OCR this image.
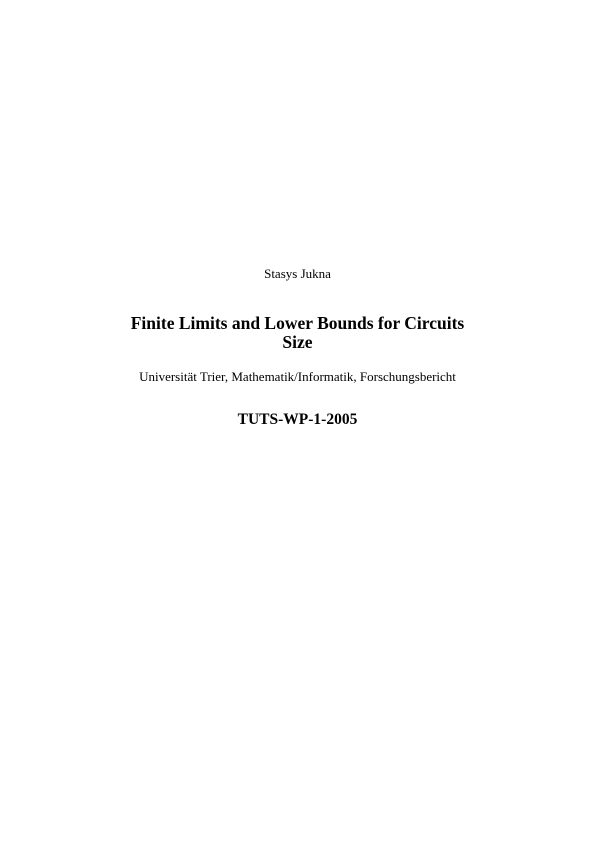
Stasys Jukna
Finite Limits and Lower Bounds for Circuits
Size
Universität Trier, Mathematik/Informatik, Forschungsbericht
TUTS-WP-1-2005
